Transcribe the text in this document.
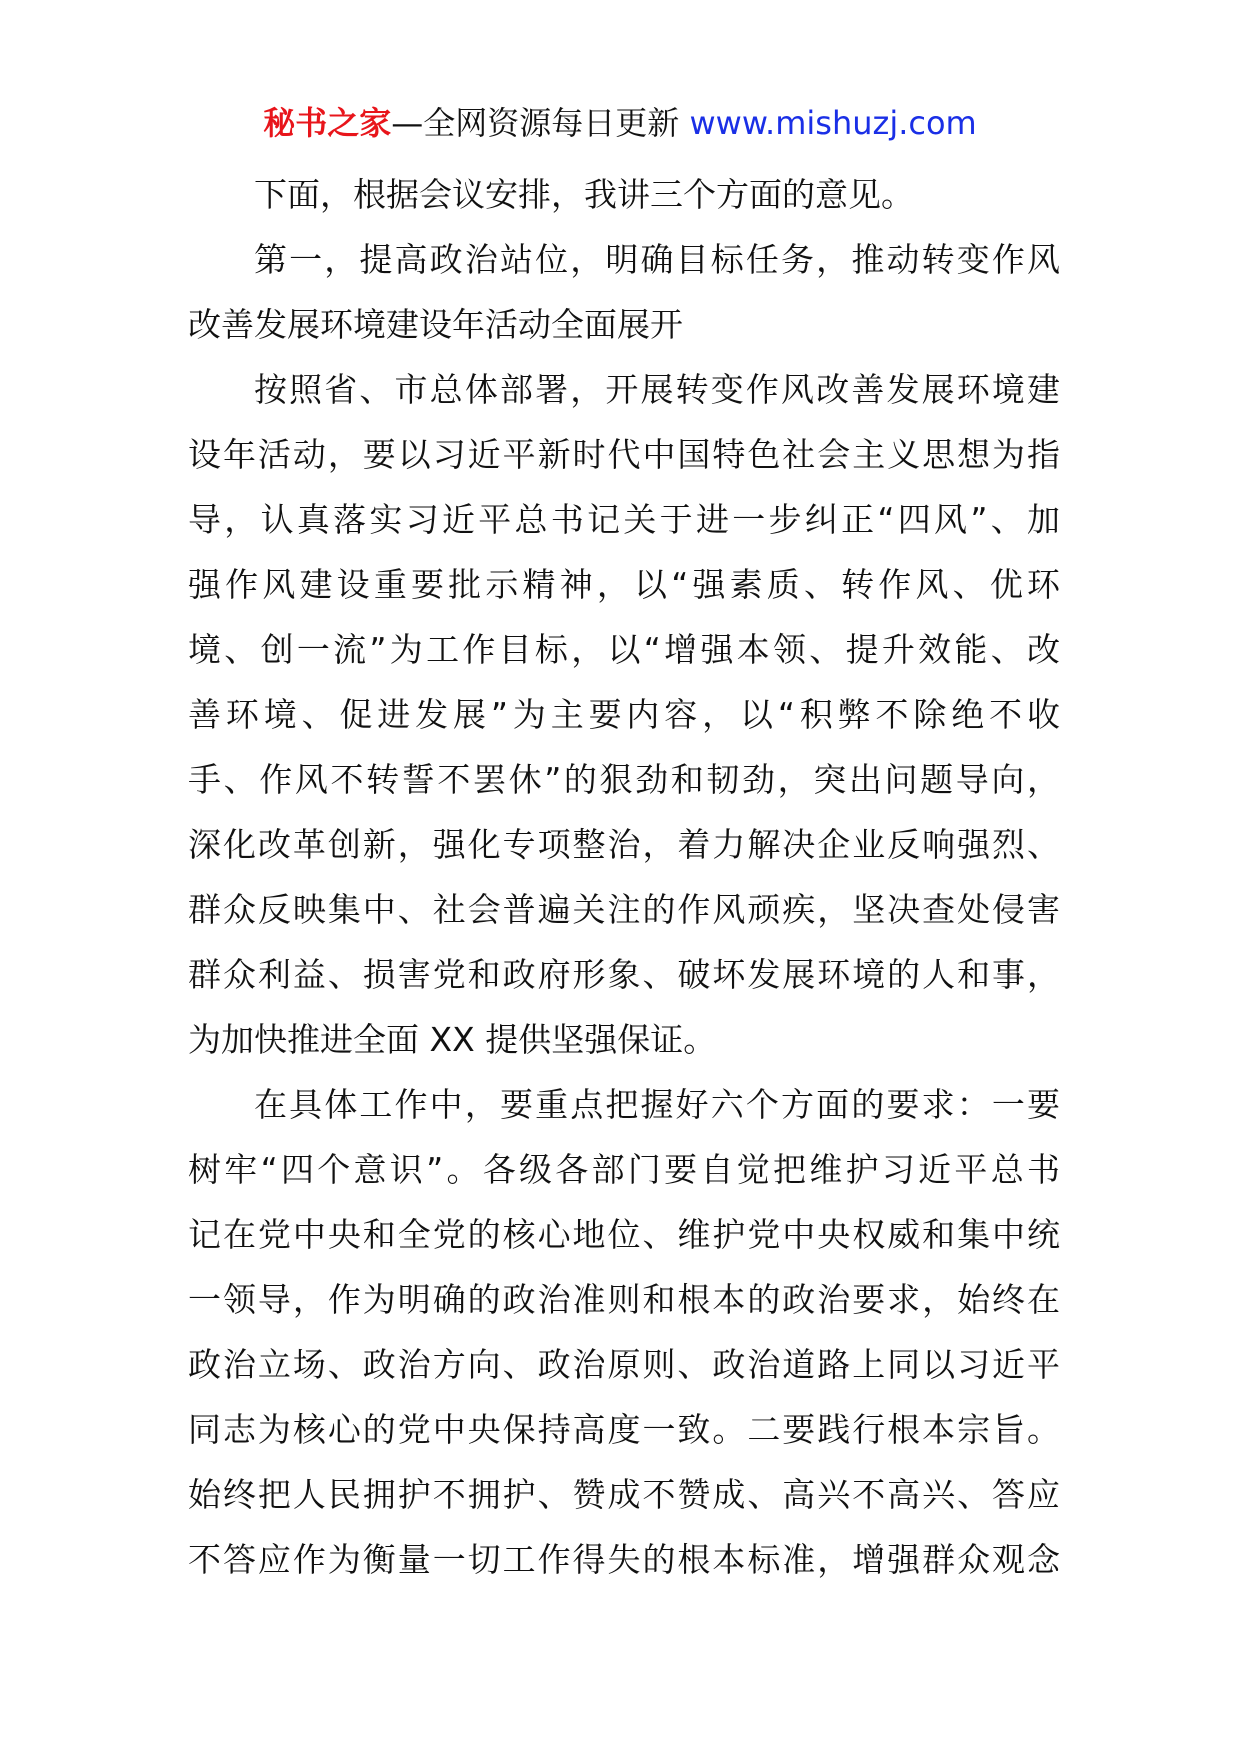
秘书之家—全网资源每日更新 www.mishuzj.com
下面，根据会议安排，我讲三个方面的意见。
第一，提高政治站位，明确目标任务，推动转变作风
改善发展环境建设年活动全面展开
按照省、市总体部署，开展转变作风改善发展环境建
设年活动，要以习近平新时代中国特色社会主义思想为指
导，认真落实习近平总书记关于进一步纠正“四风”、加
强作风建设重要批示精神，以“强素质、转作风、优环
境、创一流”为工作目标，以“增强本领、提升效能、改
善环境、促进发展”为主要内容，以“积弊不除绝不收
手、作风不转誓不罢休”的狠劲和韧劲，突出问题导向，
深化改革创新，强化专项整治，着力解决企业反响强烈、
群众反映集中、社会普遍关注的作风顽疾，坚决查处侵害
群众利益、损害党和政府形象、破坏发展环境的人和事，
为加快推进全面 XX 提供坚强保证。
在具体工作中，要重点把握好六个方面的要求：一要
树牢“四个意识”。各级各部门要自觉把维护习近平总书
记在党中央和全党的核心地位、维护党中央权威和集中统
一领导，作为明确的政治准则和根本的政治要求，始终在
政治立场、政治方向、政治原则、政治道路上同以习近平
同志为核心的党中央保持高度一致。二要践行根本宗旨。
始终把人民拥护不拥护、赞成不赞成、高兴不高兴、答应
不答应作为衡量一切工作得失的根本标准，增强群众观念
